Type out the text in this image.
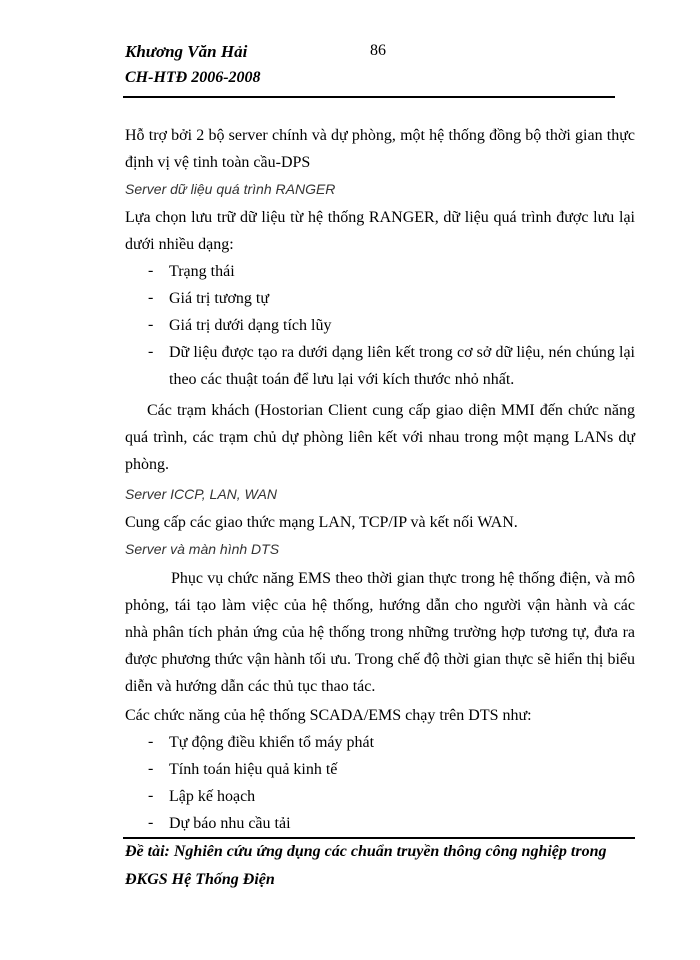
Khương Văn Hải	86
CH-HTĐ 2006-2008
Hỗ trợ bởi 2 bộ server chính và dự phòng, một hệ thống đồng bộ thời gian thực định vị vệ tinh toàn cầu-DPS
Server dữ liệu quá trình RANGER
Lựa chọn lưu trữ dữ liệu từ hệ thống RANGER, dữ liệu quá trình được lưu lại dưới nhiều dạng:
- Trạng thái
- Giá trị tương tự
- Giá trị dưới dạng tích lũy
- Dữ liệu được tạo ra dưới dạng liên kết trong cơ sở dữ liệu, nén chúng lại theo các thuật toán để lưu lại với kích thước nhỏ nhất.
Các trạm khách (Hostorian Client cung cấp giao diện MMI đến chức năng quá trình, các trạm chủ dự phòng liên kết với nhau trong một mạng LANs dự phòng.
Server ICCP, LAN, WAN
Cung cấp các giao thức mạng LAN, TCP/IP và kết nối WAN.
Server và màn hình DTS
Phục vụ chức năng EMS theo thời gian thực trong hệ thống điện, và mô phỏng, tái tạo làm việc của hệ thống, hướng dẫn cho người vận hành và các nhà phân tích phản ứng của hệ thống trong những trường hợp tương tự, đưa ra được phương thức vận hành tối ưu. Trong chế độ thời gian thực sẽ hiển thị biểu diễn và hướng dẫn các thủ tục thao tác.
Các chức năng của hệ thống SCADA/EMS chạy trên DTS như:
- Tự động điều khiển tổ máy phát
- Tính toán hiệu quả kinh tế
- Lập kế hoạch
- Dự báo nhu cầu tải
Đề tài: Nghiên cứu ứng dụng các chuẩn truyền thông công nghiệp trong
ĐKGS Hệ Thống Điện
